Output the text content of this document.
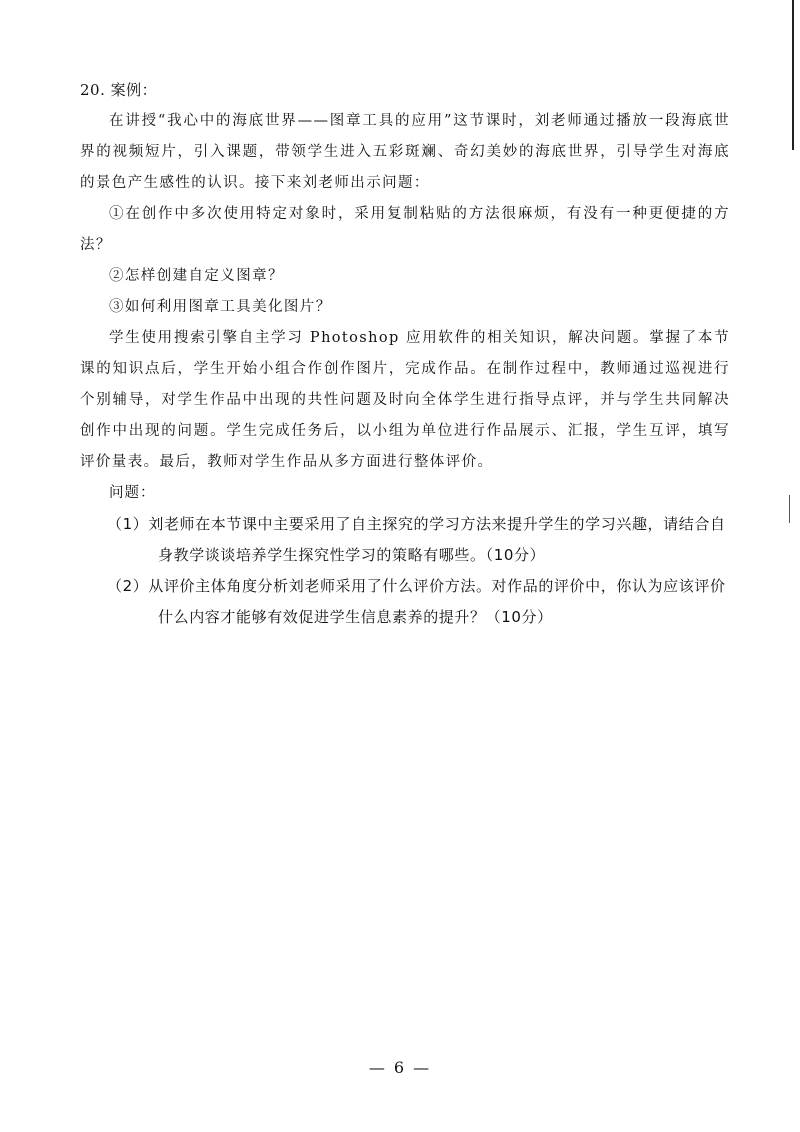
20. 案例：

在讲授“我心中的海底世界——图章工具的应用”这节课时，刘老师通过播放一段海底世界的视频短片，引入课题，带领学生进入五彩斑斓、奇幻美妙的海底世界，引导学生对海底的景色产生感性的认识。接下来刘老师出示问题：

①在创作中多次使用特定对象时，采用复制粘贴的方法很麻烦，有没有一种更便捷的方法？

②怎样创建自定义图章？

③如何利用图章工具美化图片？

学生使用搜索引擎自主学习 Photoshop 应用软件的相关知识，解决问题。掌握了本节课的知识点后，学生开始小组合作创作图片，完成作品。在制作过程中，教师通过巡视进行个别辅导，对学生作品中出现的共性问题及时向全体学生进行指导点评，并与学生共同解决创作中出现的问题。学生完成任务后，以小组为单位进行作品展示、汇报，学生互评，填写评价量表。最后，教师对学生作品从多方面进行整体评价。

问题：

（1）刘老师在本节课中主要采用了自主探究的学习方法来提升学生的学习兴趣，请结合自身教学谈谈培养学生探究性学习的策略有哪些。（10分）

（2）从评价主体角度分析刘老师采用了什么评价方法。对作品的评价中，你认为应该评价什么内容才能够有效促进学生信息素养的提升？（10分）

— 6 —
